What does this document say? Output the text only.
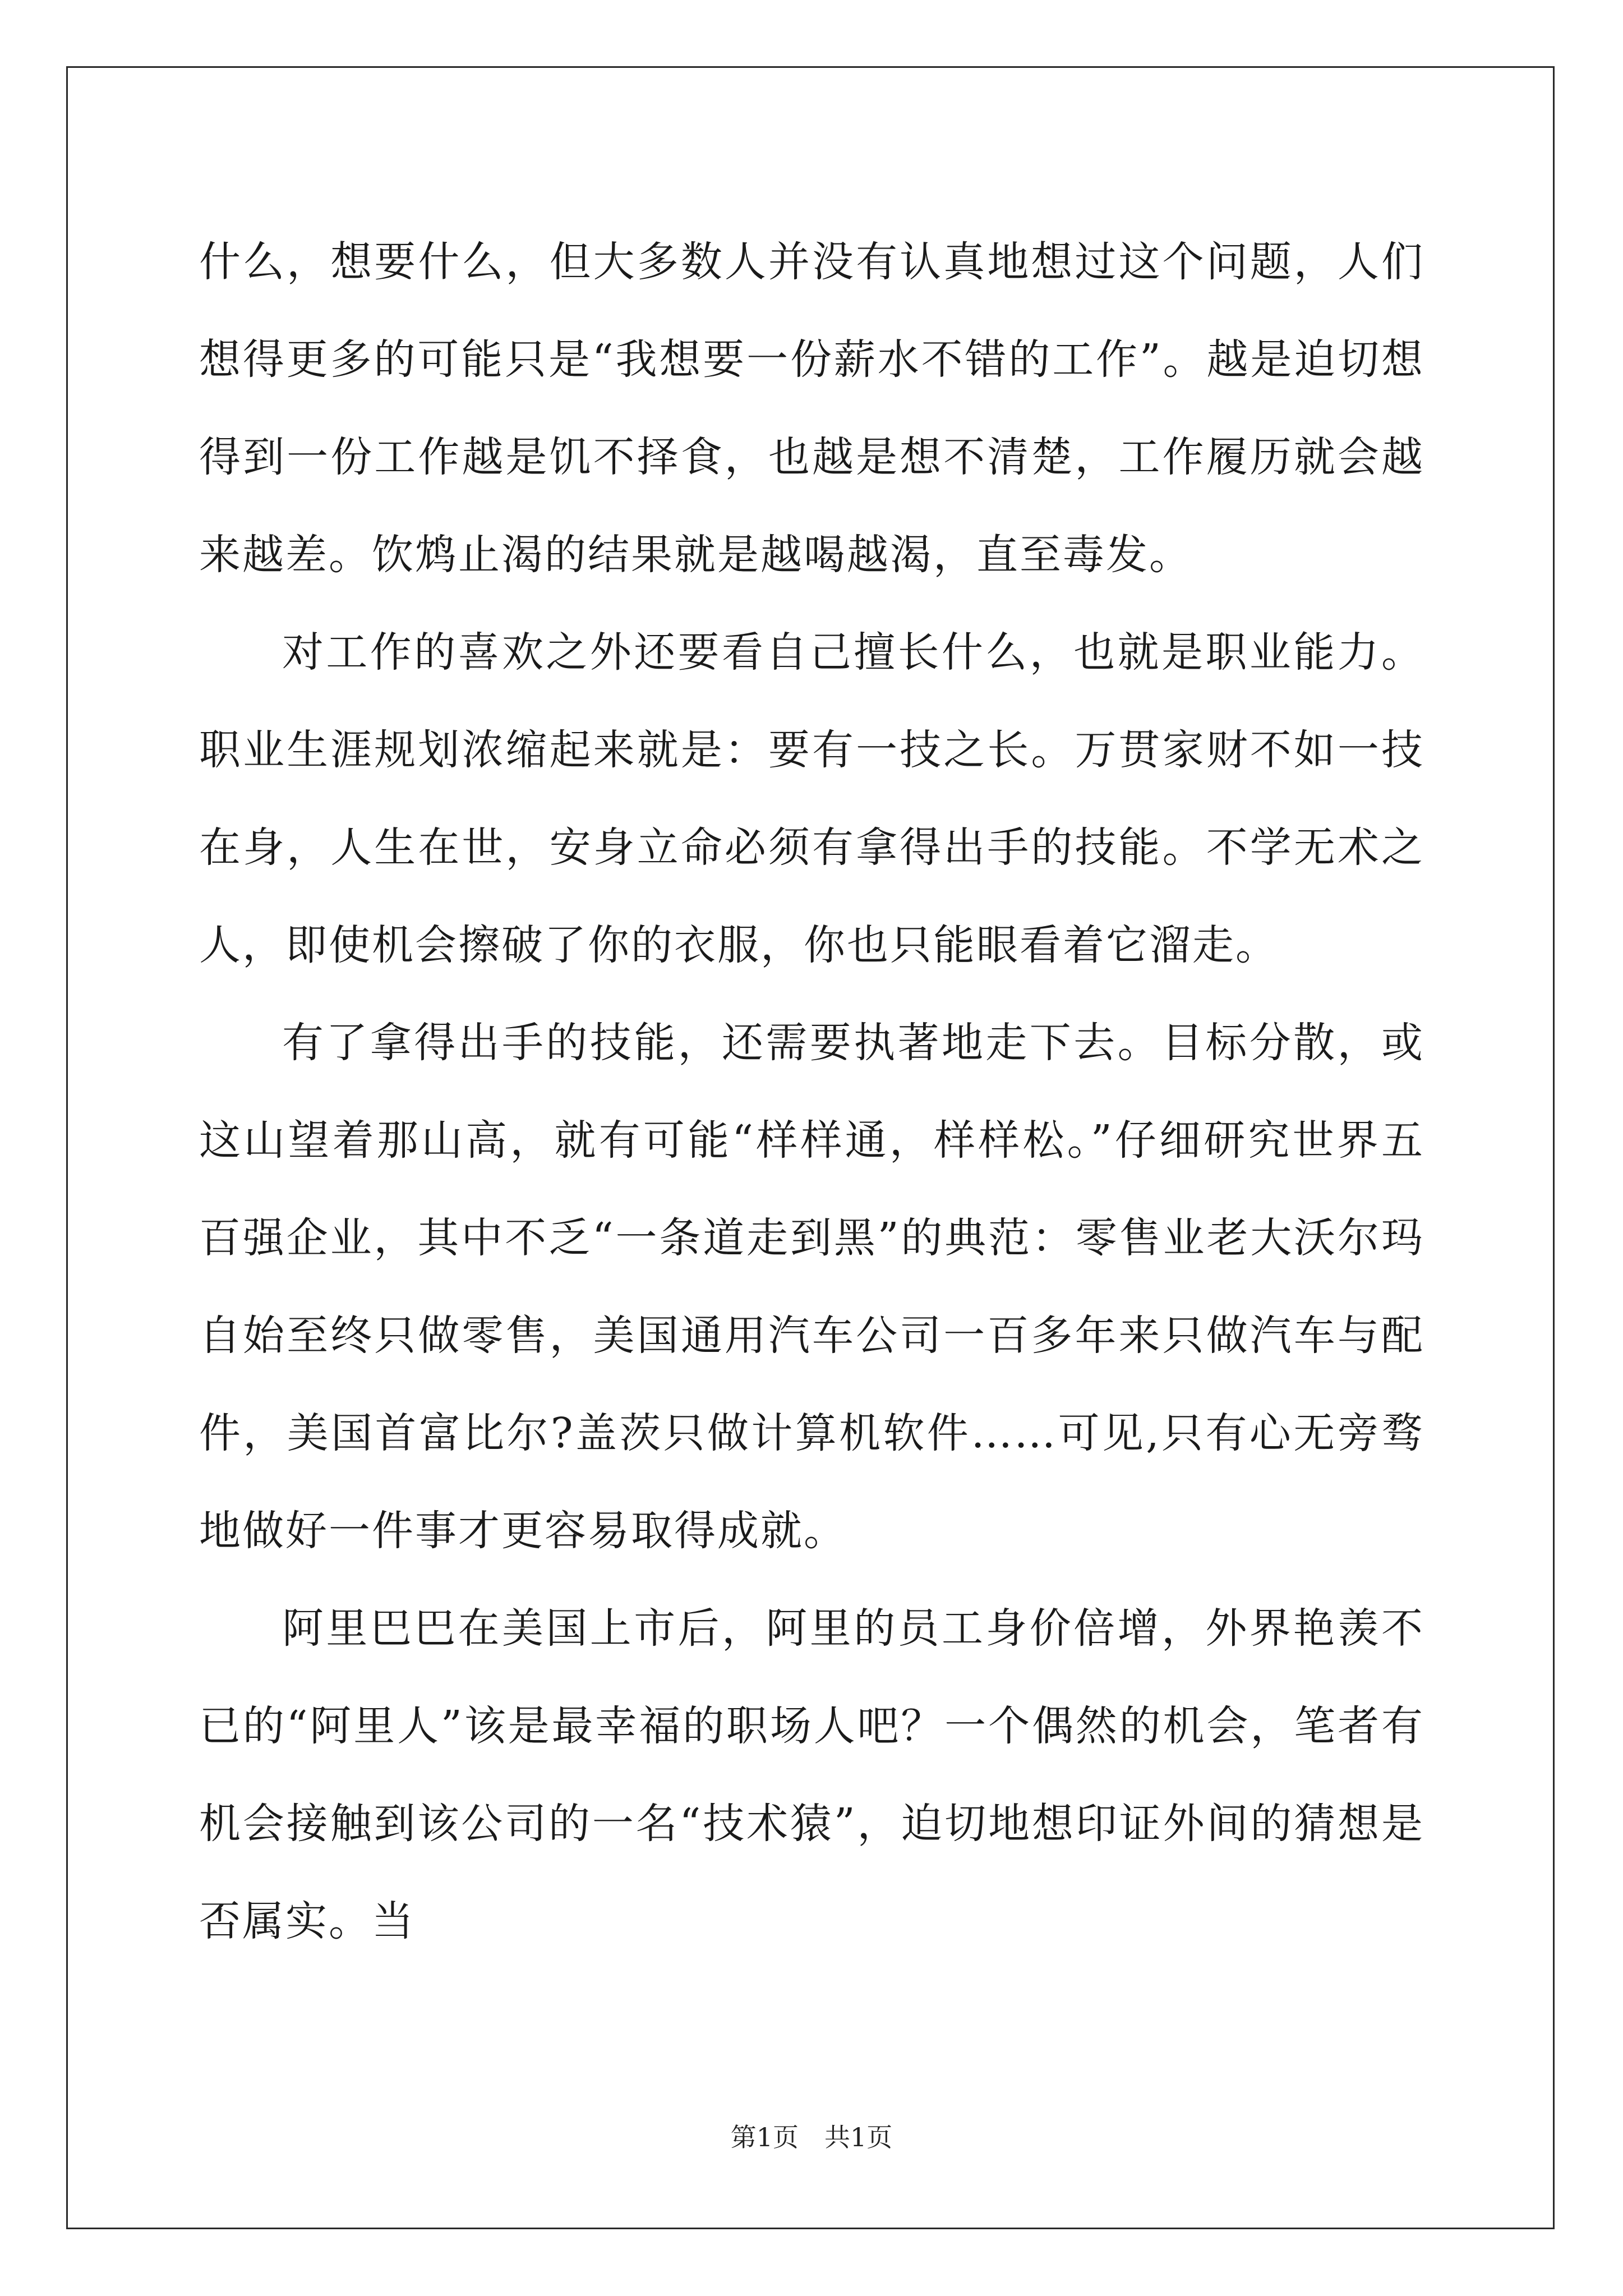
什么，想要什么，但大多数人并没有认真地想过这个问题，人们想得更多的可能只是“我想要一份薪水不错的工作”。越是迫切想得到一份工作越是饥不择食，也越是想不清楚，工作履历就会越来越差。饮鸩止渴的结果就是越喝越渴，直至毒发。

对工作的喜欢之外还要看自己擅长什么，也就是职业能力。职业生涯规划浓缩起来就是：要有一技之长。万贯家财不如一技在身，人生在世，安身立命必须有拿得出手的技能。不学无术之人，即使机会擦破了你的衣服，你也只能眼看着它溜走。

有了拿得出手的技能，还需要执著地走下去。目标分散，或这山望着那山高，就有可能“样样通，样样松。”仔细研究世界五百强企业，其中不乏“一条道走到黑”的典范：零售业老大沃尔玛自始至终只做零售，美国通用汽车公司一百多年来只做汽车与配件，美国首富比尔?盖茨只做计算机软件……可见,只有心无旁骛地做好一件事才更容易取得成就。

阿里巴巴在美国上市后，阿里的员工身价倍增，外界艳羡不已的“阿里人”该是最幸福的职场人吧？一个偶然的机会，笔者有机会接触到该公司的一名“技术猿”，迫切地想印证外间的猜想是否属实。当

第1页 共1页
